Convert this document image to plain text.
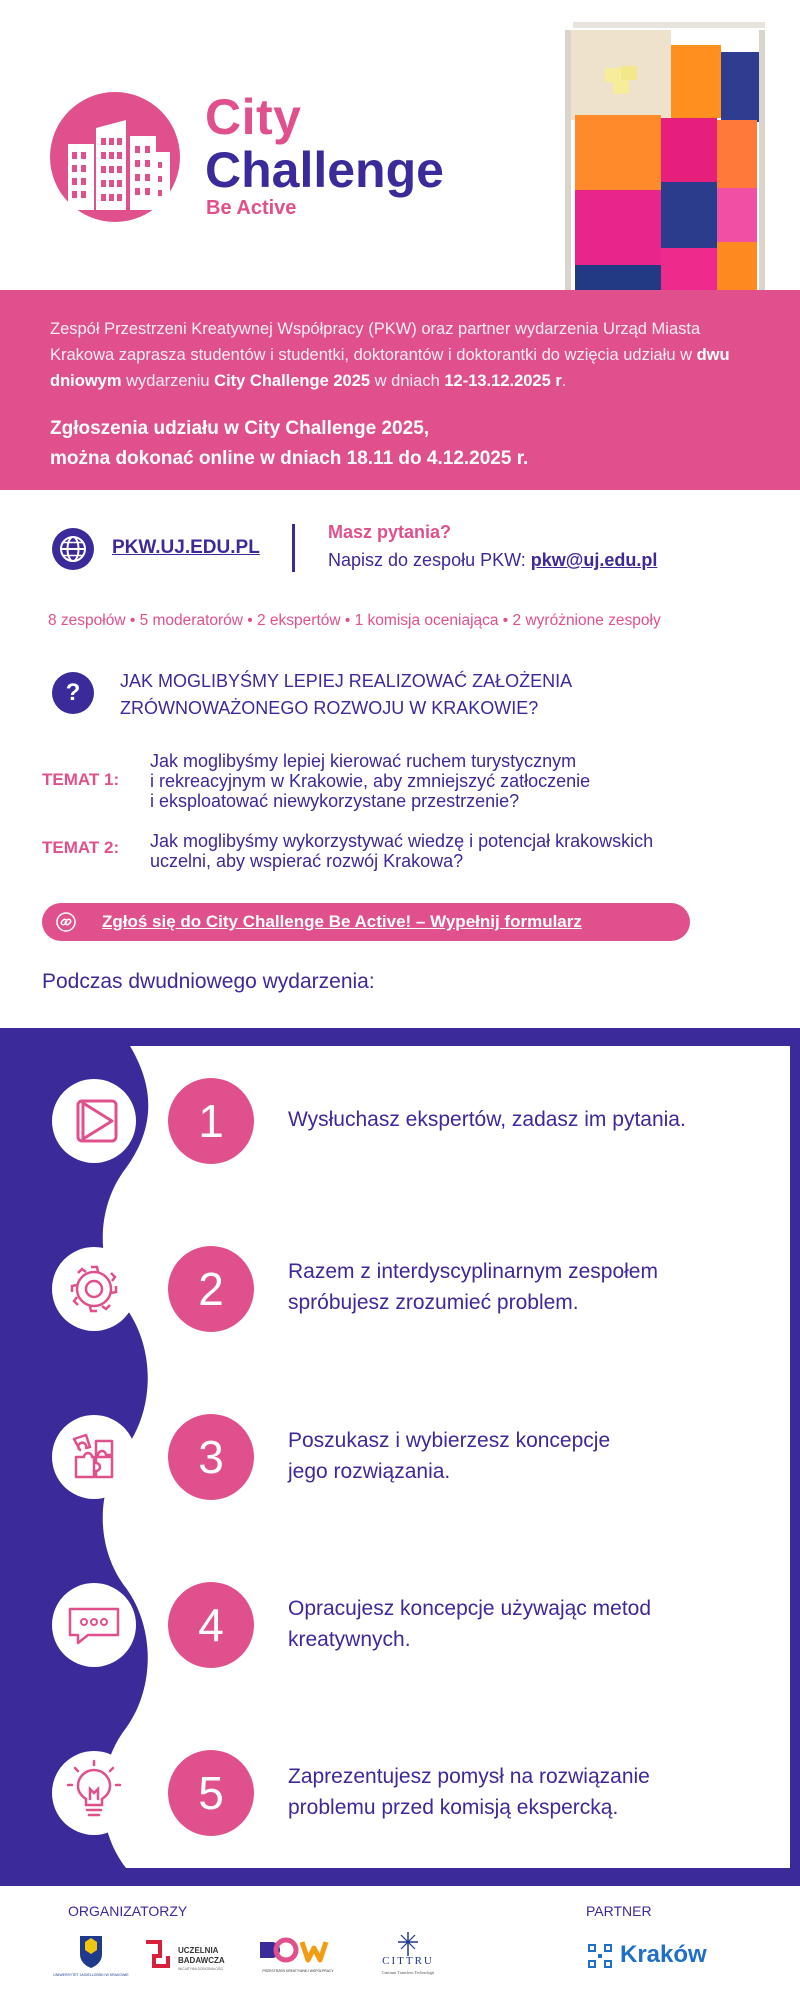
City
Challenge
Be Active

Zespół Przestrzeni Kreatywnej Współpracy (PKW) oraz partner wydarzenia Urząd Miasta Krakowa zaprasza studentów i studentki, doktorantów i doktorantki do wzięcia udziału w dwu dniowym wydarzeniu City Challenge 2025 w dniach 12-13.12.2025 r.

Zgłoszenia udziału w City Challenge 2025,
można dokonać online w dniach 18.11 do 4.12.2025 r.
PKW.UJ.EDU.PL
Masz pytania?
Napisz do zespołu PKW: pkw@uj.edu.pl
8 zespołów • 5 moderatorów • 2 ekspertów • 1 komisja oceniająca • 2 wyróżnione zespoły
?	JAK MOGLIBYŚMY LEPIEJ REALIZOWAĆ ZAŁOŻENIA
ZRÓWNOWAŻONEGO ROZWOJU W KRAKOWIE?
TEMAT 1:
Jak moglibyśmy lepiej kierować ruchem turystycznym
i rekreacyjnym w Krakowie, aby zmniejszyć zatłoczenie
i eksploatować niewykorzystane przestrzenie?
TEMAT 2: Jak moglibyśmy wykorzystywać wiedzę i potencjał krakowskich
uczelni, aby wspierać rozwój Krakowa?
Zgłoś się do City Challenge Be Active! – Wypełnij formularz
Podczas dwudniowego wydarzenia:
1
2
3
4
5
Wysłuchasz ekspertów, zadasz im pytania.
Razem z interdyscyplinarnym zespołem
spróbujesz zrozumieć problem.
Poszukasz i wybierzesz koncepcje
jego rozwiązania.
Opracujesz koncepcje używając metod
kreatywnych.
Zaprezentujesz pomysł na rozwiązanie
problemu przed komisją ekspercką.
ORGANIZATORZY	PARTNER
UNIWERSYTET JAGIELLOŃSKI W KRAKOWIE
UCZELNIA
BADAWCZA
INICJATYWA DOSKONAŁOŚCI	PRZESTRZEŃ KREATYWNEJ WSPÓŁPRACY
CITTRU
Centrum Transferu Technologii
Kraków
